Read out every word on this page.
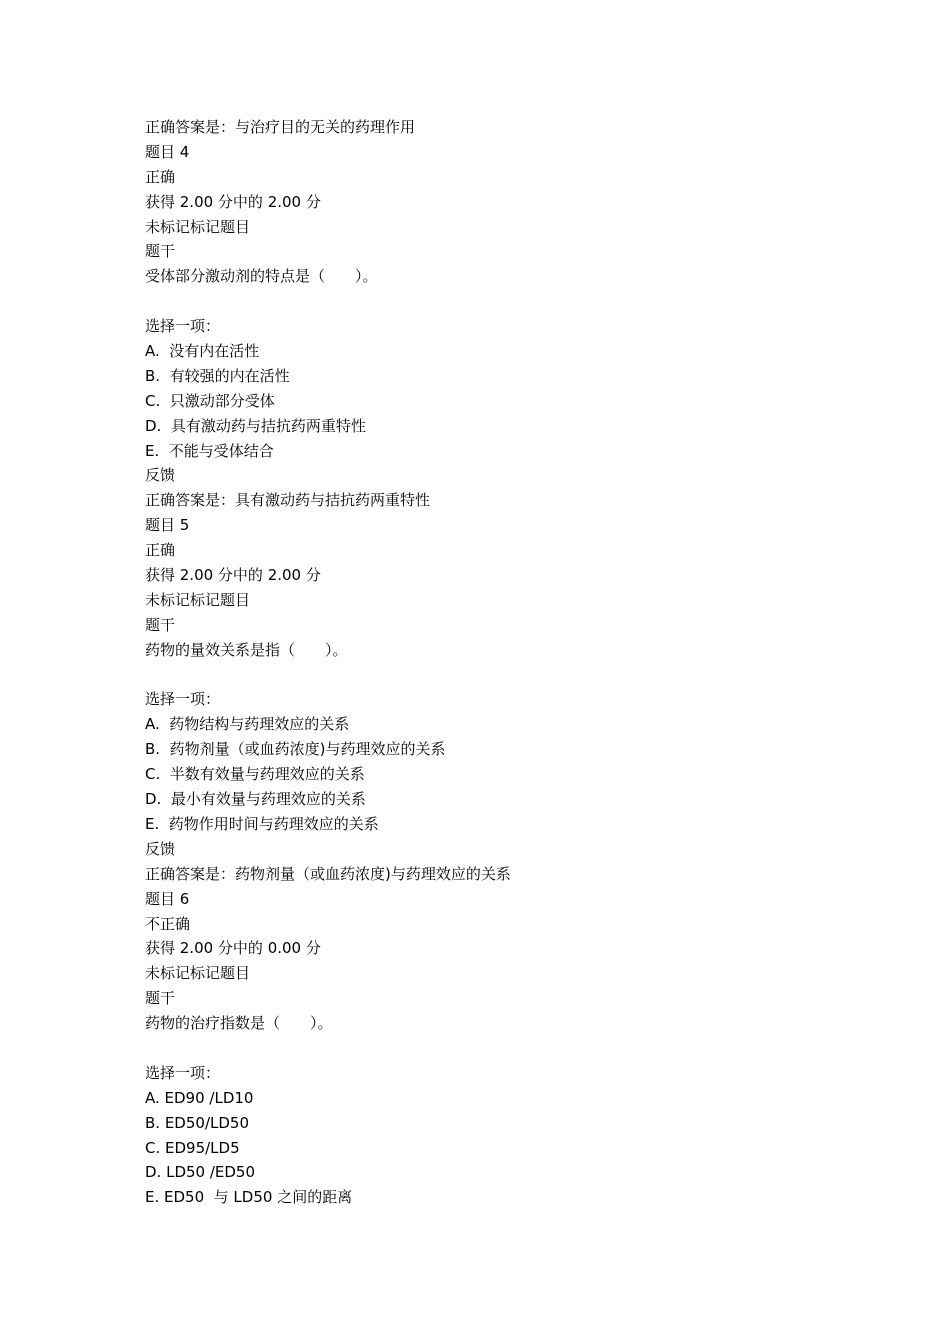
正确答案是：与治疗目的无关的药理作用
题目 4
正确
获得 2.00 分中的 2.00 分
未标记标记题目
题干
受体部分激动剂的特点是（　　）。
选择一项：
A.  没有内在活性
B.  有较强的内在活性
C.  只激动部分受体
D.  具有激动药与拮抗药两重特性
E.  不能与受体结合
反馈
正确答案是：具有激动药与拮抗药两重特性
题目 5
正确
获得 2.00 分中的 2.00 分
未标记标记题目
题干
药物的量效关系是指（　　）。
选择一项：
A.  药物结构与药理效应的关系
B.  药物剂量（或血药浓度)与药理效应的关系
C.  半数有效量与药理效应的关系
D.  最小有效量与药理效应的关系
E.  药物作用时间与药理效应的关系
反馈
正确答案是：药物剂量（或血药浓度)与药理效应的关系
题目 6
不正确
获得 2.00 分中的 0.00 分
未标记标记题目
题干
药物的治疗指数是（　　）。
选择一项：
A. ED90 /LD10
B. ED50/LD50
C. ED95/LD5
D. LD50 /ED50
E. ED50  与 LD50 之间的距离
